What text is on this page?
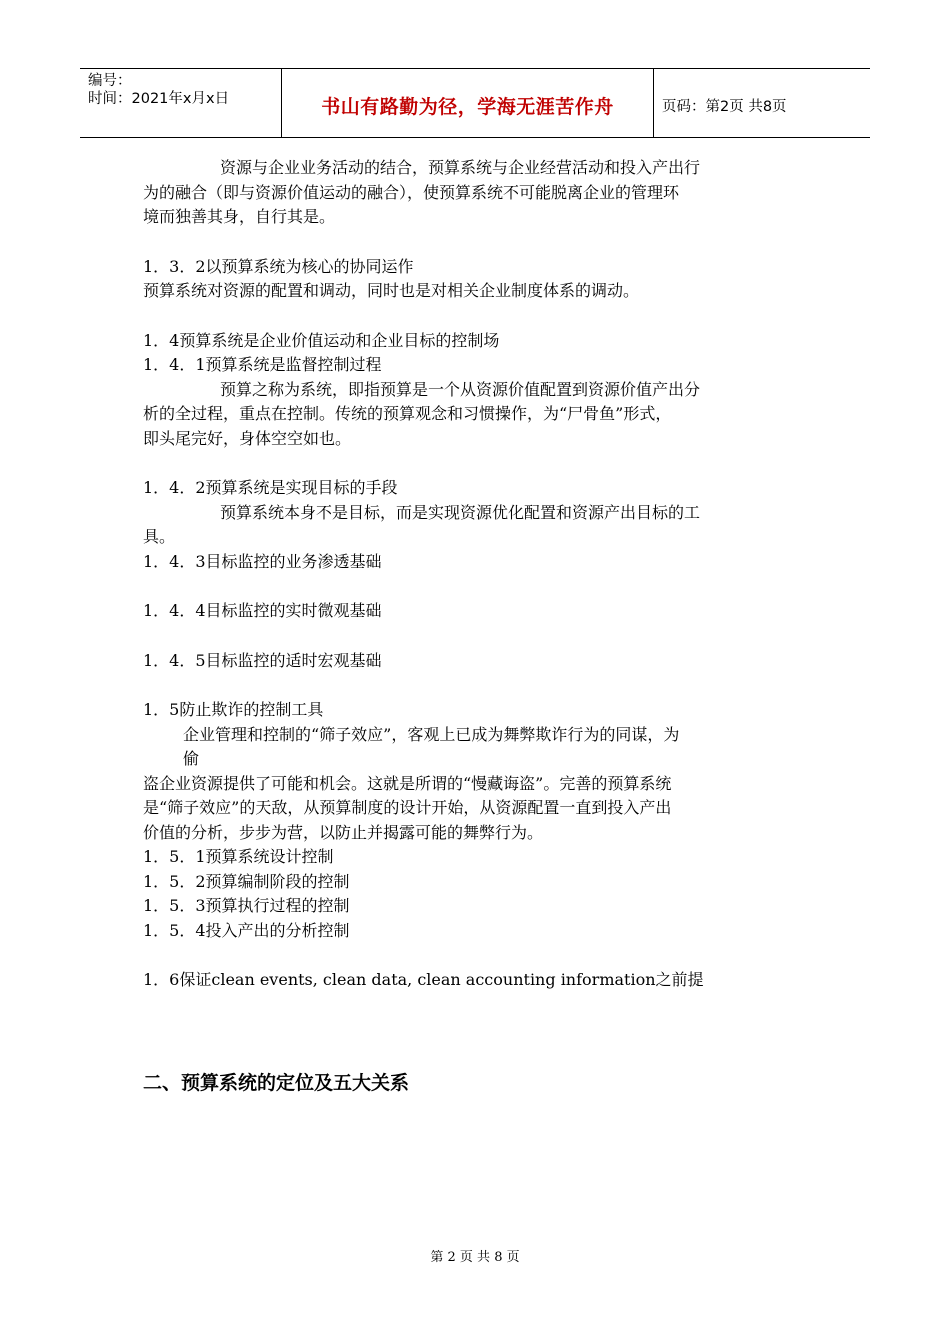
编号：
时间：2021年x月x日	书山有路勤为径，学海无涯苦作舟	页码：第2页 共8页
资源与企业业务活动的结合，预算系统与企业经营活动和投入产出行
为的融合（即与资源价值运动的融合），使预算系统不可能脱离企业的管理环
境而独善其身，自行其是。
1．3．2以预算系统为核心的协同运作
预算系统对资源的配置和调动，同时也是对相关企业制度体系的调动。
1．4预算系统是企业价值运动和企业目标的控制场
1．4．1预算系统是监督控制过程
预算之称为系统，即指预算是一个从资源价值配置到资源价值产出分
析的全过程，重点在控制。传统的预算观念和习惯操作，为“尸骨鱼”形式，
即头尾完好，身体空空如也。
1．4．2预算系统是实现目标的手段
预算系统本身不是目标，而是实现资源优化配置和资源产出目标的工
具。
1．4．3目标监控的业务渗透基础
1．4．4目标监控的实时微观基础
1．4．5目标监控的适时宏观基础
1．5防止欺诈的控制工具
企业管理和控制的“筛子效应”，客观上已成为舞弊欺诈行为的同谋，为
偷
盗企业资源提供了可能和机会。这就是所谓的“慢藏诲盗”。完善的预算系统
是“筛子效应”的天敌，从预算制度的设计开始，从资源配置一直到投入产出
价值的分析，步步为营，以防止并揭露可能的舞弊行为。
1．5．1预算系统设计控制
1．5．2预算编制阶段的控制
1．5．3预算执行过程的控制
1．5．4投入产出的分析控制
1．6保证clean events, clean data, clean accounting information之前提
二、预算系统的定位及五大关系
第 2 页 共 8 页
